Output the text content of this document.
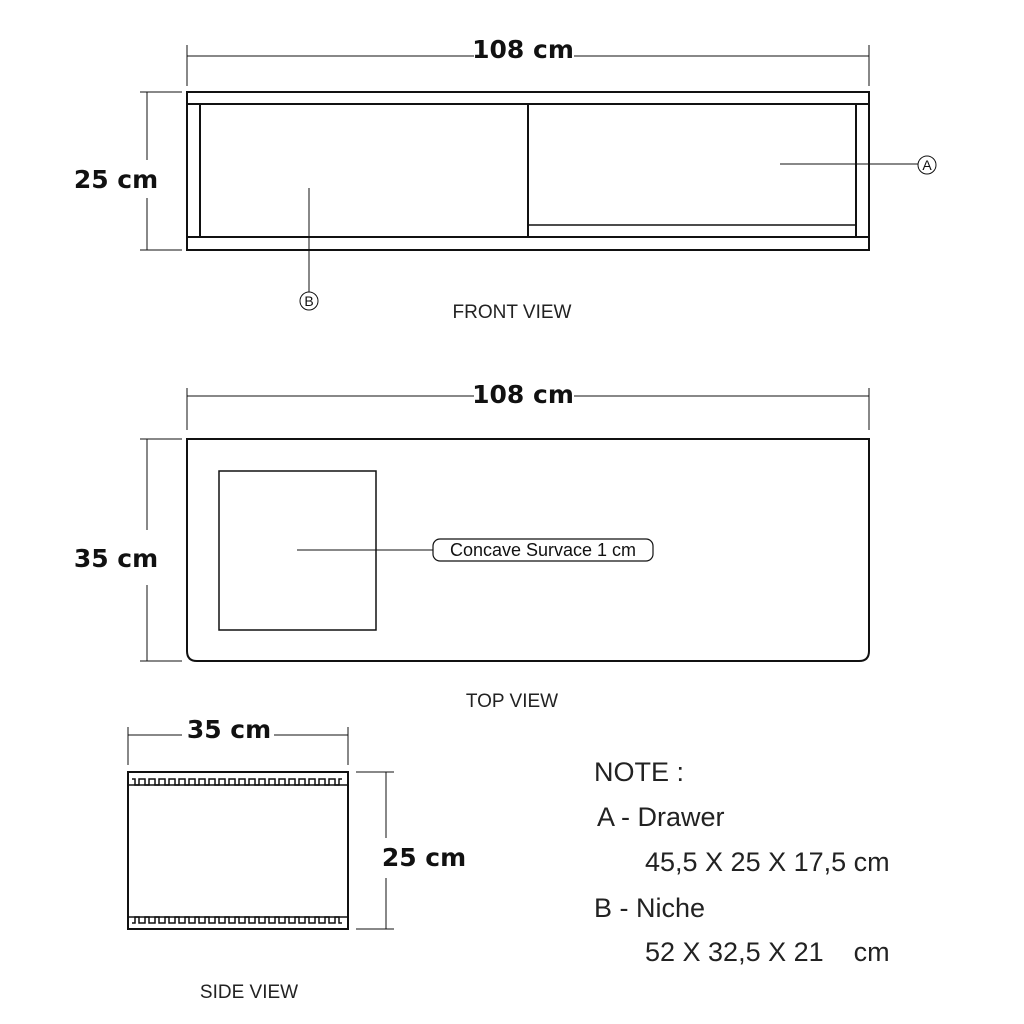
108 cm
25 cm	A
B
FRONT VIEW
108 cm
35 cm	Concave Survace 1 cm
TOP VIEW
35 cm
25 cm
SIDE VIEW
NOTE :
A - Drawer
45,5 X 25 X 17,5 cm
B - Niche
52 X 32,5 X 21    cm
